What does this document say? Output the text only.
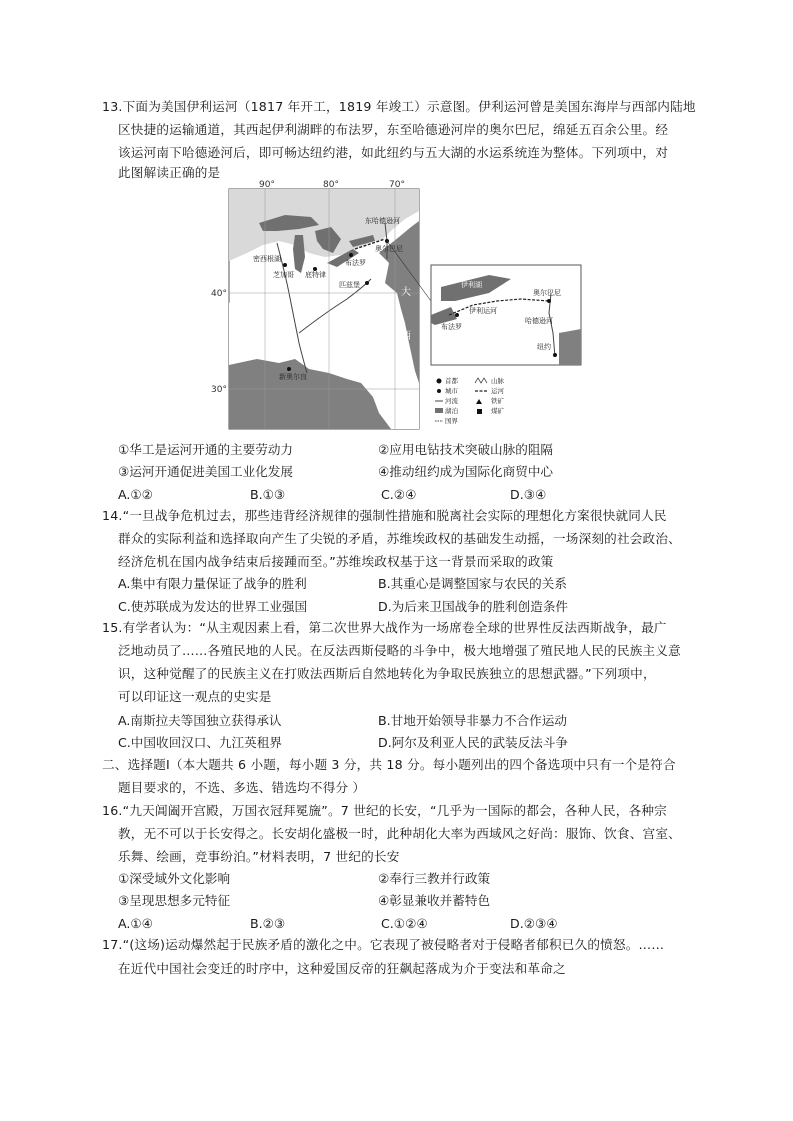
13.下面为美国伊利运河（1817 年开工，1819 年竣工）示意图。伊利运河曾是美国东海岸与西部内陆地
区快捷的运输通道，其西起伊利湖畔的布法罗，东至哈德逊河岸的奥尔巴尼，绵延五百余公里。经
该运河南下哈德逊河后，即可畅达纽约港，如此纽约与五大湖的水运系统连为整体。下列项中，对
此图解读正确的是
90°	80°	70°
40°
30°
东哈德逊河
密西根湖
奥尔巴尼
布法罗
匹兹堡
芝加哥 底特律
新奥尔良
大
西
洋
伊利湖
伊利运河
布法罗
哈德逊河
奥尔巴尼
纽约
首都
城市
河流
湖泊
国界
山脉
运河
铁矿
煤矿
①华工是运河开通的主要劳动力	②应用电钻技术突破山脉的阻隔
③运河开通促进美国工业化发展	④推动纽约成为国际化商贸中心
A.①②	B.①③	C.②④	D.③④
14.“一旦战争危机过去，那些违背经济规律的强制性措施和脱离社会实际的理想化方案很快就同人民
群众的实际利益和选择取向产生了尖锐的矛盾，苏维埃政权的基础发生动摇，一场深刻的社会政治、
经济危机在国内战争结束后接踵而至。”苏维埃政权基于这一背景而采取的政策
A.集中有限力量保证了战争的胜利	B.其重心是调整国家与农民的关系
C.使苏联成为发达的世界工业强国	D.为后来卫国战争的胜利创造条件
15.有学者认为：“从主观因素上看，第二次世界大战作为一场席卷全球的世界性反法西斯战争，最广
泛地动员了……各殖民地的人民。在反法西斯侵略的斗争中，极大地增强了殖民地人民的民族主义意
识，这种觉醒了的民族主义在打败法西斯后自然地转化为争取民族独立的思想武器。”下列项中，
可以印证这一观点的史实是
A.南斯拉夫等国独立获得承认	B.甘地开始领导非暴力不合作运动
C.中国收回汉口、九江英租界	D.阿尔及利亚人民的武装反法斗争
二、选择题Ⅰ（本大题共 6 小题，每小题 3 分，共 18 分。每小题列出的四个备选项中只有一个是符合
题目要求的，不选、多选、错选均不得分 ）
16.“九天阊阖开宫殿，万国衣冠拜冕旒”。7 世纪的长安，“几乎为一国际的都会，各种人民，各种宗
教，无不可以于长安得之。长安胡化盛极一时，此种胡化大率为西域风之好尚：服饰、饮食、宫室、
乐舞、绘画，竞事纷泊。”材料表明，7 世纪的长安
①深受域外文化影响	②奉行三教并行政策
③呈现思想多元特征	④彰显兼收并蓄特色
A.①④	B.②③	C.①②④	D.②③④
17.“(这场)运动爆然起于民族矛盾的激化之中。它表现了被侵略者对于侵略者郁积已久的愤怒。……
在近代中国社会变迁的时序中，这种爱国反帝的狂飙起落成为介于变法和革命之
